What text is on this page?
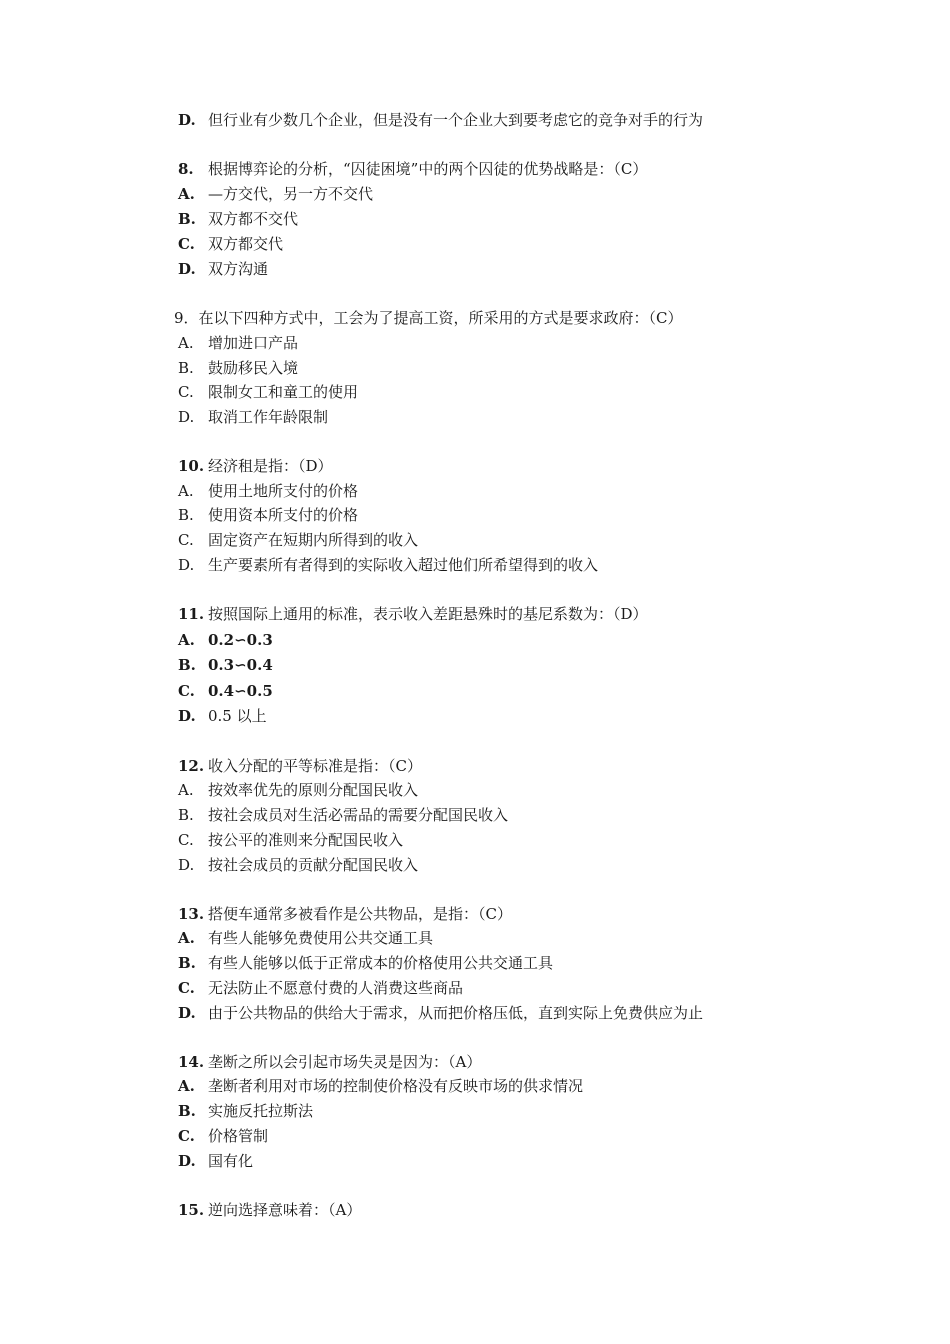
D. 但行业有少数几个企业，但是没有一个企业大到要考虑它的竞争对手的行为
8. 根据博弈论的分析，“囚徒困境”中的两个囚徒的优势战略是：（C）
A. —方交代，另一方不交代
B. 双方都不交代
C. 双方都交代
D. 双方沟通
9．在以下四种方式中，工会为了提高工资，所采用的方式是要求政府：（C）
A. 增加进口产品
B. 鼓励移民入境
C. 限制女工和童工的使用
D. 取消工作年龄限制
10. 经济租是指：（D）
A. 使用土地所支付的价格
B. 使用资本所支付的价格
C. 固定资产在短期内所得到的收入
D. 生产要素所有者得到的实际收入超过他们所希望得到的收入
11. 按照国际上通用的标准，表示收入差距悬殊时的基尼系数为：（D）
A. 0.2∽0.3
B. 0.3∽0.4
C. 0.4∽0.5
D. 0.5 以上
12. 收入分配的平等标准是指：（C）
A. 按效率优先的原则分配国民收入
B. 按社会成员对生活必需品的需要分配国民收入
C. 按公平的准则来分配国民收入
D. 按社会成员的贡献分配国民收入
13. 搭便车通常多被看作是公共物品，是指：（C）
A. 有些人能够免费使用公共交通工具
B. 有些人能够以低于正常成本的价格使用公共交通工具
C. 无法防止不愿意付费的人消费这些商品
D. 由于公共物品的供给大于需求，从而把价格压低，直到实际上免费供应为止
14. 垄断之所以会引起市场失灵是因为：（A）
A. 垄断者利用对市场的控制使价格没有反映市场的供求情况
B. 实施反托拉斯法
C. 价格管制
D. 国有化
15. 逆向选择意味着：（A）
